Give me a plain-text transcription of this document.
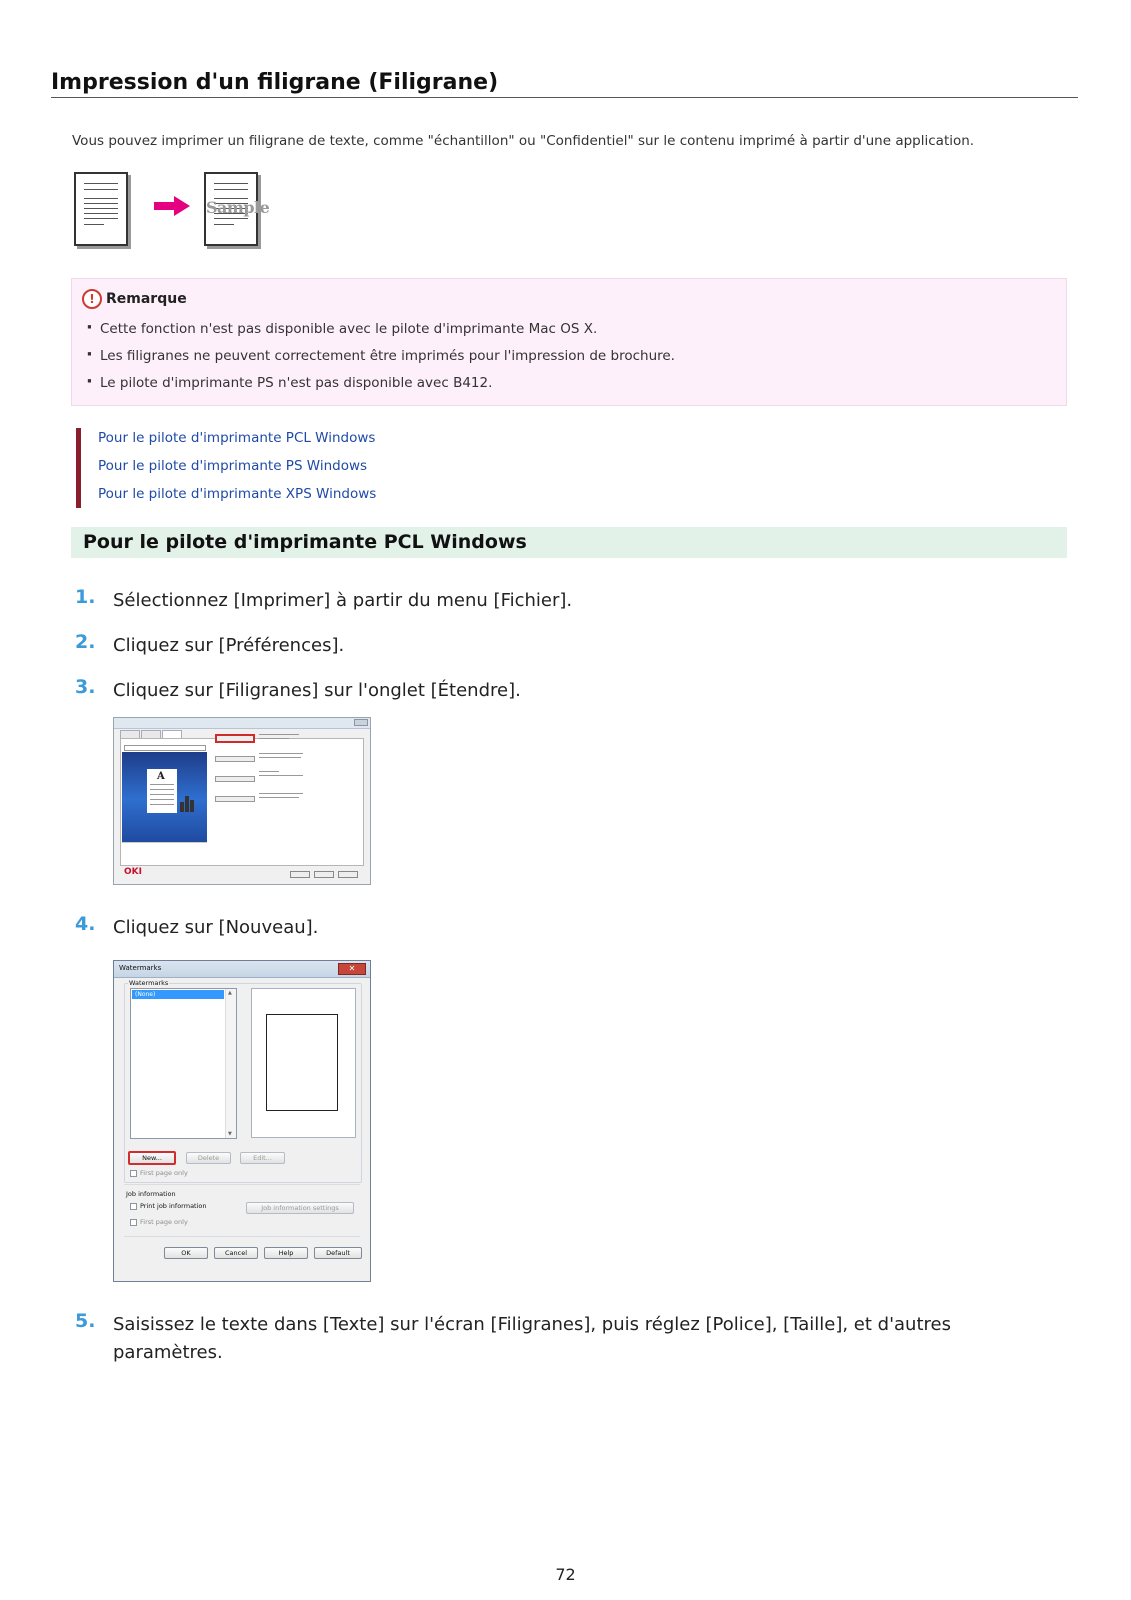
Impression d'un filigrane (Filigrane)

Vous pouvez imprimer un filigrane de texte, comme "échantillon" ou "Confidentiel" sur le contenu imprimé à partir d'une application.

Sample
! Remarque
· Cette fonction n'est pas disponible avec le pilote d'imprimante Mac OS X.
· Les filigranes ne peuvent correctement être imprimés pour l'impression de brochure.
· Le pilote d'imprimante PS n'est pas disponible avec B412.
Pour le pilote d'imprimante PCL Windows
Pour le pilote d'imprimante PS Windows
Pour le pilote d'imprimante XPS Windows
Pour le pilote d'imprimante PCL Windows
1. Sélectionnez [Imprimer] à partir du menu [Fichier].
2. Cliquez sur [Préférences].
3. Cliquez sur [Filigranes] sur l'onglet [Étendre].
A
OKI
4. Cliquez sur [Nouveau].
Watermarks	✕
Watermarks
(None)	▲
▼
New...	Delete	Edit...
First page only
Job information
Print job information	Job information settings
First page only
OK	Cancel	Help	Default
5. Saisissez le texte dans [Texte] sur l'écran [Filigranes], puis réglez [Police], [Taille], et d'autres paramètres.
72
